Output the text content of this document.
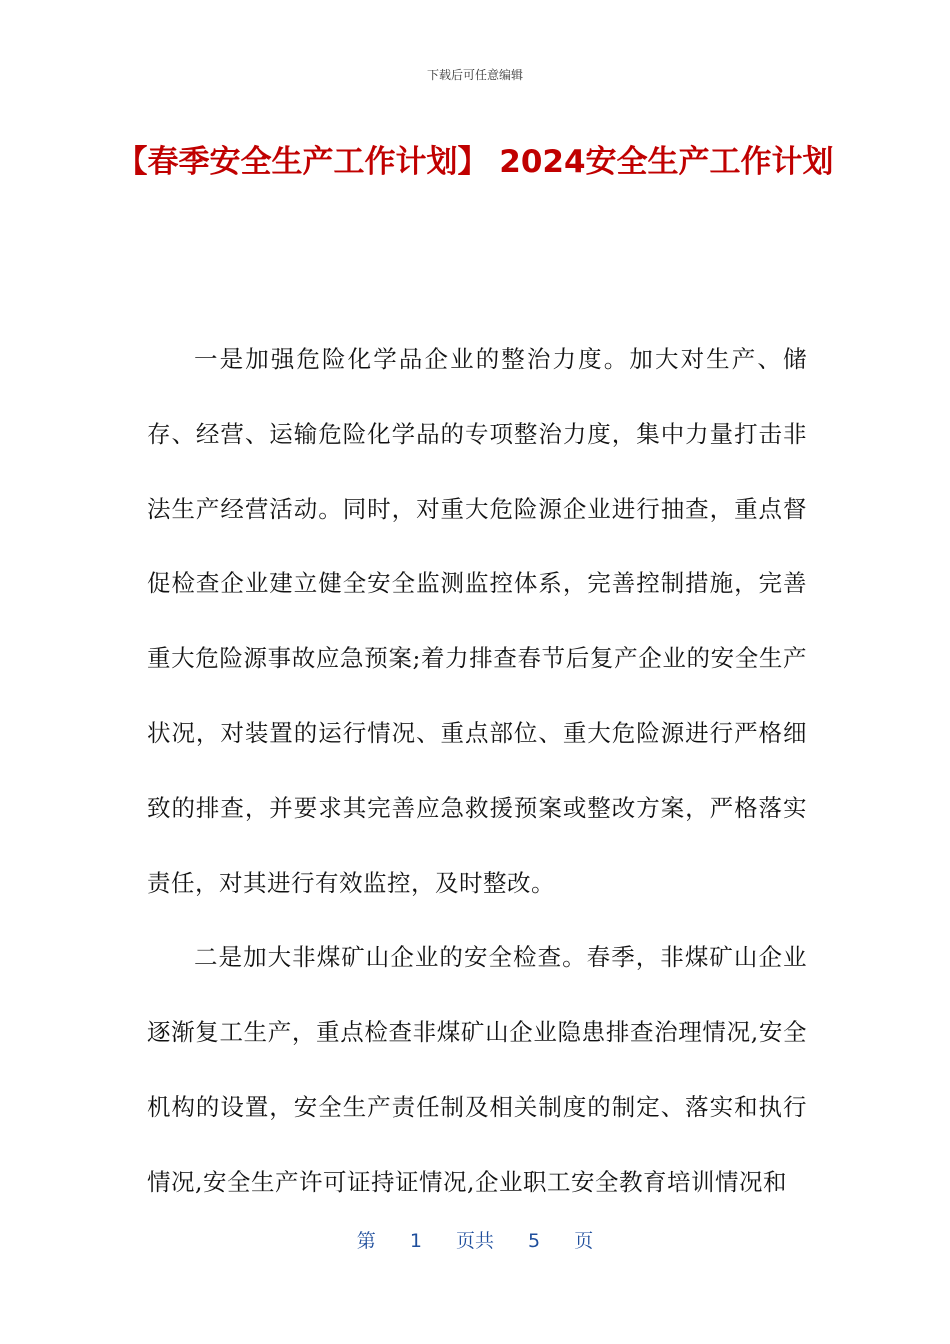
下载后可任意编辑
【春季安全生产工作计划】 2024安全生产工作计划

一是加强危险化学品企业的整治力度。加大对生产、储存、经营、运输危险化学品的专项整治力度，集中力量打击非法生产经营活动。同时，对重大危险源企业进行抽查，重点督促检查企业建立健全安全监测监控体系，完善控制措施，完善重大危险源事故应急预案;着力排查春节后复产企业的安全生产状况，对装置的运行情况、重点部位、重大危险源进行严格细致的排查，并要求其完善应急救援预案或整改方案，严格落实责任，对其进行有效监控，及时整改。

二是加大非煤矿山企业的安全检查。春季，非煤矿山企业逐渐复工生产，重点检查非煤矿山企业隐患排查治理情况,安全机构的设置，安全生产责任制及相关制度的制定、落实和执行情况,安全生产许可证持证情况,企业职工安全教育培训情况和

第 1 页共 5 页
